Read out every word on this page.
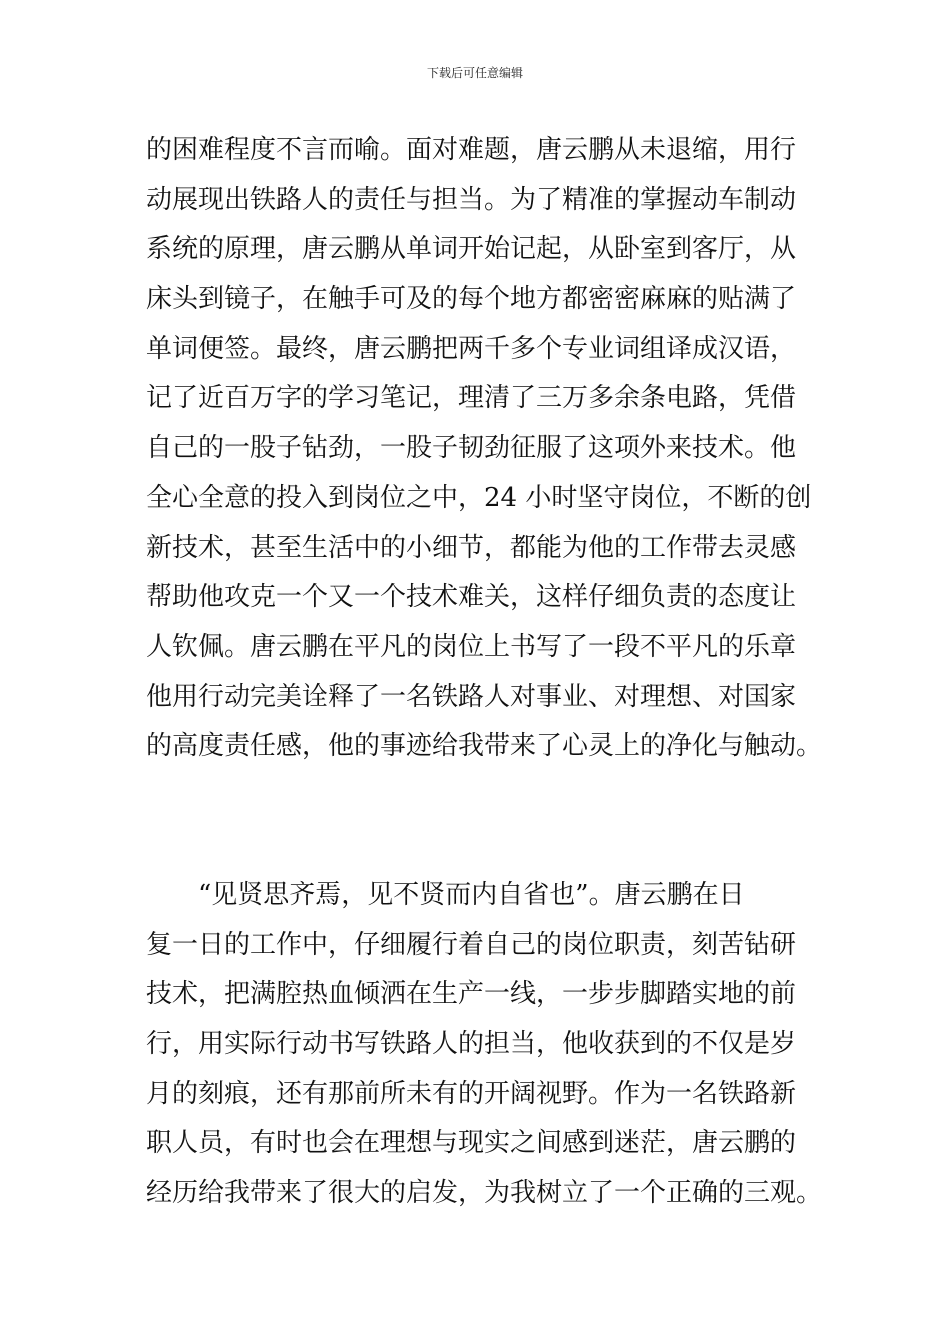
下载后可任意编辑
的困难程度不言而喻。面对难题，唐云鹏从未退缩，用行
动展现出铁路人的责任与担当。为了精准的掌握动车制动
系统的原理，唐云鹏从单词开始记起，从卧室到客厅，从
床头到镜子，在触手可及的每个地方都密密麻麻的贴满了
单词便签。最终，唐云鹏把两千多个专业词组译成汉语，
记了近百万字的学习笔记，理清了三万多余条电路，凭借
自己的一股子钻劲，一股子韧劲征服了这项外来技术。他
全心全意的投入到岗位之中，24 小时坚守岗位，不断的创
新技术，甚至生活中的小细节，都能为他的工作带去灵感
帮助他攻克一个又一个技术难关，这样仔细负责的态度让
人钦佩。唐云鹏在平凡的岗位上书写了一段不平凡的乐章
他用行动完美诠释了一名铁路人对事业、对理想、对国家
的高度责任感，他的事迹给我带来了心灵上的净化与触动。
　　“见贤思齐焉，见不贤而内自省也”。唐云鹏在日
复一日的工作中，仔细履行着自己的岗位职责，刻苦钻研
技术，把满腔热血倾洒在生产一线，一步步脚踏实地的前
行，用实际行动书写铁路人的担当，他收获到的不仅是岁
月的刻痕，还有那前所未有的开阔视野。作为一名铁路新
职人员，有时也会在理想与现实之间感到迷茫，唐云鹏的
经历给我带来了很大的启发，为我树立了一个正确的三观。
